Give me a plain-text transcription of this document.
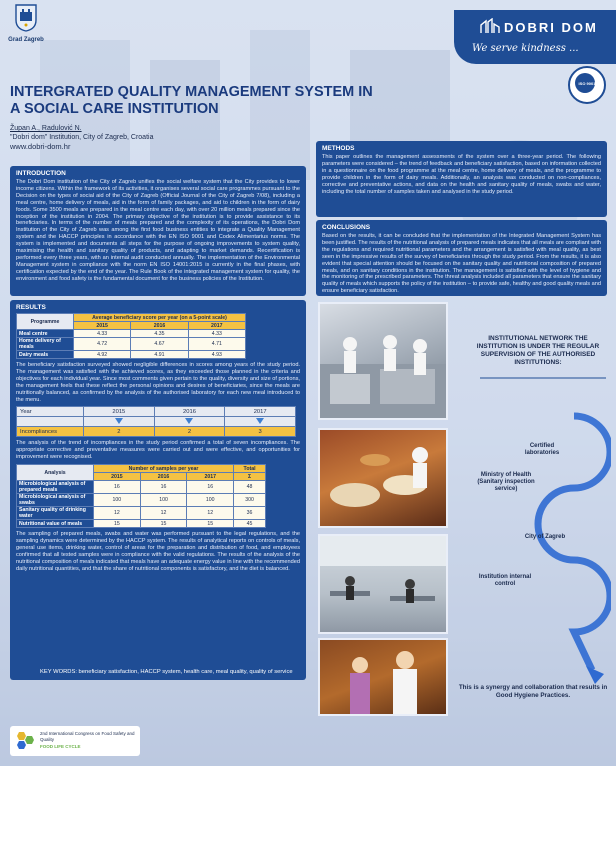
Grad Zagreb
DOBRI DOM
We serve kindness ...
ISO 9001
INTERGRATED QUALITY MANAGEMENT SYSTEM IN
A SOCIAL CARE INSTITUTION
Župan A., Radulović N.
"Dobri dom" Institution, City of Zagreb, Croatia
www.dobri-dom.hr
INTRODUCTION
The Dobri Dom institution of the City of Zagreb unifies the social welfare system that the City provides to lower income citizens. Within the framework of its activities, it organises several social care programmes pursuant to the Decision on the types of social aid of the City of Zagreb (Official Journal of the City of Zagreb 7/08), including a meal centre, home delivery of meals, aid in the form of family packages, and aid to children in the form of dairy foods. Some 3500 meals are prepared in the meal centre each day, with over 20 million meals prepared since the inception of the institution in 2004. The primary objective of the institution is to provide assistance to its beneficiaries. In terms of the number of meals prepared and the complexity of its operations, the Dobri Dom Institution of the City of Zagreb was among the first food business entities to integrate a Quality Management system and the HACCP principles in accordance with the EN ISO 9001 and Codex Alimentarius norms. The system is implemented and documents all steps for the purpose of ongoing improvements to system quality, maximising the health and sanitary quality of products, and adapting to market demands. Recertification is performed every three years, with an internal audit conducted annually. The implementation of the Environmental Management system in compliance with the norm EN ISO 14001:2015 is currently in the final phases, with certification expected by the end of the year. The Rule Book of the integrated management system for quality, the environment and food safety is the fundamental document for the business policies of the Institution.
METHODS
This paper outlines the management assessments of the system over a three-year period. The following parameters were considered – the trend of feedback and beneficiary satisfaction, based on information collected in a questionnaire on the food programme at the meal centre, home delivery of meals, and the programme to provide children in the form of dairy meals. Additionally, an analysis was conducted on non-compliances, corrective and preventative actions, and data on the health and sanitary quality of meals, swabs and water, including the total number of samples taken and analysed in the study period.
CONCLUSIONS
Based on the results, it can be concluded that the implementation of the Integrated Management System has been justified. The results of the nutritional analysis of prepared meals indicates that all meals are compliant with the regulations and required nutritional parameters and the arrangement is satisfied with meal quality, as best seen in the impressive results of the survey of beneficiaries through the study period. From the results, it is also evident that special attention should be focused on the sanitary quality and nutritional composition of prepared meals, and on sanitary conditions in the institution. The management is satisfied with the level of hygiene and the monitoring of the prescribed parameters. The threat analysis included all parameters that ensure the sanitary quality of meals which supports the policy of the institution – to provide safe, healthy and good quality meals and ensure beneficiary satisfaction.
RESULTS
Programme	Average beneficiary score per year (on a 5-point scale)		
	2015	2016	2017
Meal centre	4.33	4.35	4.33
Home delivery of meals	4.72	4.67	4.71
Dairy meals	4.92	4.91	4.93
The beneficiary satisfaction surveyed showed negligible differences in scores among years of the study period. The management was satisfied with the achieved scores, as they exceeded those planned in the criteria and objectives for each individual year. Since most comments given pertain to the quality, diversity and size of portions, the management feels that these reflect the personal opinions and desires of beneficiaries, since the meals are nutritionally balanced, as confirmed by the analysis of the authorised laboratory for each new meal introduced to the menu.
Year	2015	2016	2017

Incompliances	2	2	3
The analysis of the trend of incompliances in the study period confirmed a total of seven incompliances. The appropriate corrective and preventative measures were carried out and were effective, and opportunities for improvement were recognised.
Analysis	Number of samples per year			Total
	2015	2016	2017	Σ
Microbiological analysis of prepared meals	16	16	16	48
Microbiological analysis of swabs	100	100	100	300
Sanitary quality of drinking water	12	12	12	36
Nutritional value of meals	15	15	15	45
The sampling of prepared meals, swabs and water was performed pursuant to the legal regulations, and the sampling dynamics were determined by the HACCP system. The results of analytical reports on controls of meals, general use items, drinking water, control of areas for the preparation and distribution of food, and employees confirmed that all tested samples were in compliance with the valid regulations. The results of the analysis of the nutritional composition of meals indicated that meals have an adequate energy value in line with the recommended daily nutritional quantities, and that the share of nutritional components is satisfactory, and the diet is balanced.
KEY WORDS: beneficiary satisfaction, HACCP system, health care, meal quality, quality of service
INSTITUTIONAL NETWORK THE INSTITUTION IS UNDER THE REGULAR SUPERVISION OF THE AUTHORISED INSTITUTIONS:
Certified laboratories
Ministry of Health (Sanitary inspection service)
City of Zagreb
Institution internal control
This is a synergy and collaboration that results in Good Hygiene Practices.
2nd International Congress on Food Safety and Quality
FOOD LIFE CYCLE
